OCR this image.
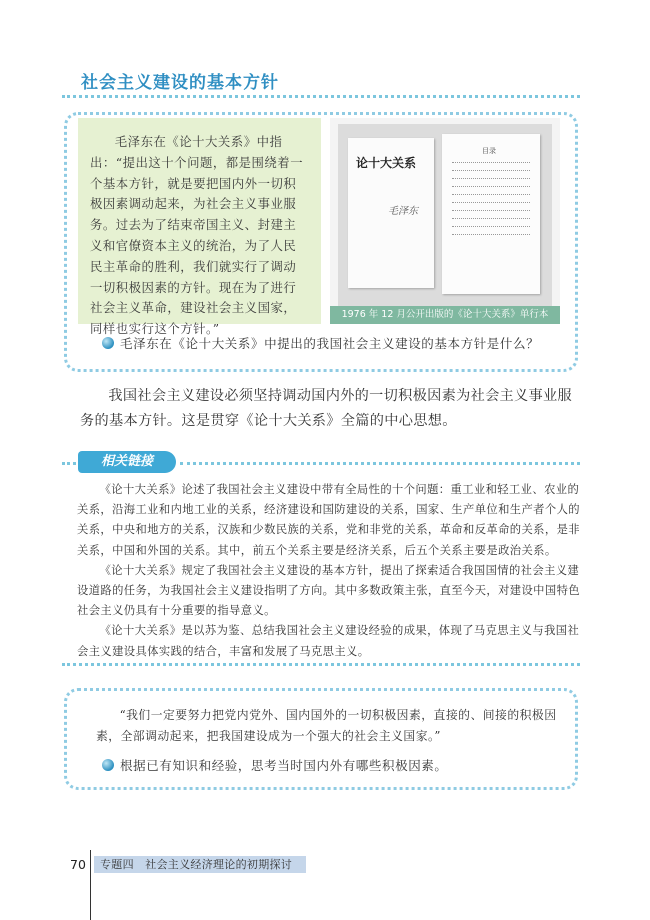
社会主义建设的基本方针

毛泽东在《论十大关系》中指出：“提出这十个问题，都是围绕着一个基本方针，就是要把国内外一切积极因素调动起来，为社会主义事业服务。过去为了结束帝国主义、封建主义和官僚资本主义的统治，为了人民民主革命的胜利，我们就实行了调动一切积极因素的方针。现在为了进行社会主义革命，建设社会主义国家，同样也实行这个方针。”

论十大关系
毛泽东
目录
1976 年 12 月公开出版的《论十大关系》单行本
毛泽东在《论十大关系》中提出的我国社会主义建设的基本方针是什么？
我国社会主义建设必须坚持调动国内外的一切积极因素为社会主义事业服务的基本方针。这是贯穿《论十大关系》全篇的中心思想。
相关链接

《论十大关系》论述了我国社会主义建设中带有全局性的十个问题：重工业和轻工业、农业的关系，沿海工业和内地工业的关系，经济建设和国防建设的关系，国家、生产单位和生产者个人的关系，中央和地方的关系，汉族和少数民族的关系，党和非党的关系，革命和反革命的关系，是非关系，中国和外国的关系。其中，前五个关系主要是经济关系，后五个关系主要是政治关系。

《论十大关系》规定了我国社会主义建设的基本方针，提出了探索适合我国国情的社会主义建设道路的任务，为我国社会主义建设指明了方向。其中多数政策主张，直至今天，对建设中国特色社会主义仍具有十分重要的指导意义。

《论十大关系》是以苏为鉴、总结我国社会主义建设经验的成果，体现了马克思主义与我国社会主义建设具体实践的结合，丰富和发展了马克思主义。

“我们一定要努力把党内党外、国内国外的一切积极因素，直接的、间接的积极因素，全部调动起来，把我国建设成为一个强大的社会主义国家。”
根据已有知识和经验，思考当时国内外有哪些积极因素。
70	专题四　社会主义经济理论的初期探讨
